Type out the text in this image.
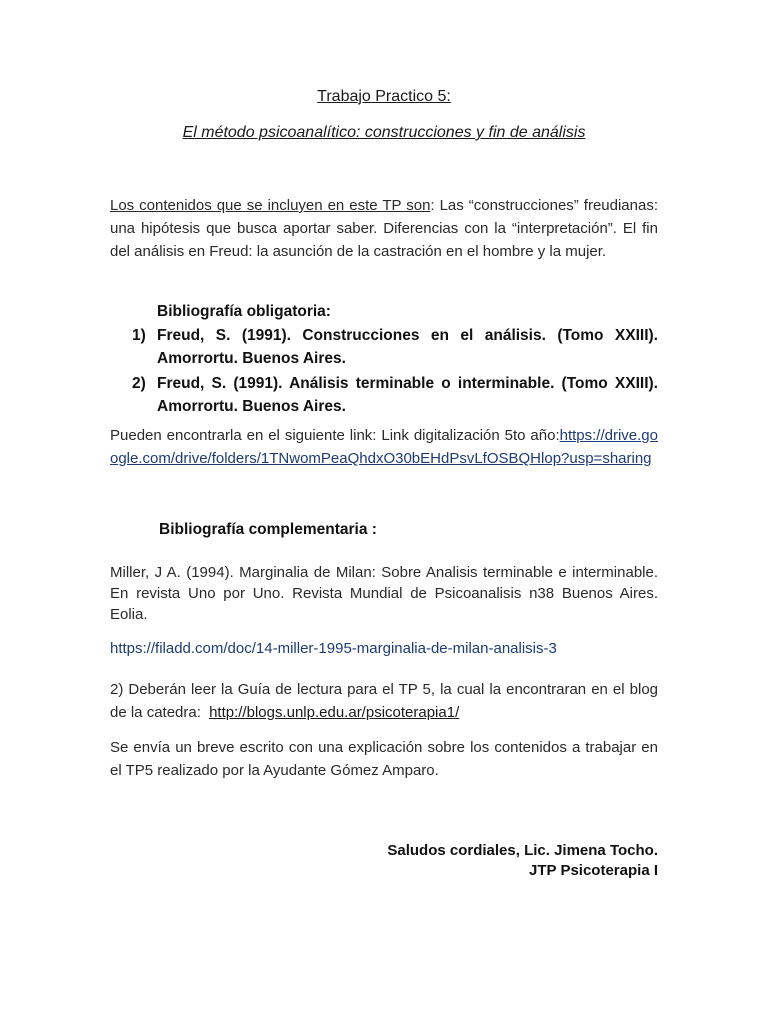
Trabajo Practico 5:
El método psicoanalítico: construcciones y fin de análisis
Los contenidos que se incluyen en este TP son: Las “construcciones” freudianas: una hipótesis que busca aportar saber. Diferencias con la “interpretación”. El fin del análisis en Freud: la asunción de la castración en el hombre y la mujer.
Bibliografía obligatoria:
1) Freud, S. (1991). Construcciones en el análisis. (Tomo XXIII). Amorrortu. Buenos Aires.
2) Freud, S. (1991). Análisis terminable o interminable. (Tomo XXIII). Amorrortu. Buenos Aires.
Pueden encontrarla en el siguiente link: Link digitalización 5to año:https://drive.google.com/drive/folders/1TNwomPeaQhdxO30bEHdPsvLfOSBQHlop?usp=sharing
Bibliografía complementaria :
Miller, J A. (1994). Marginalia de Milan: Sobre Analisis terminable e interminable. En revista Uno por Uno. Revista Mundial de Psicoanalisis n38 Buenos Aires. Eolia.
https://filadd.com/doc/14-miller-1995-marginalia-de-milan-analisis-3
2) Deberán leer la Guía de lectura para el TP 5, la cual la encontraran en el blog de la catedra: http://blogs.unlp.edu.ar/psicoterapia1/
Se envía un breve escrito con una explicación sobre los contenidos a trabajar en el TP5 realizado por la Ayudante Gómez Amparo.
Saludos cordiales, Lic. Jimena Tocho.
JTP Psicoterapia I
